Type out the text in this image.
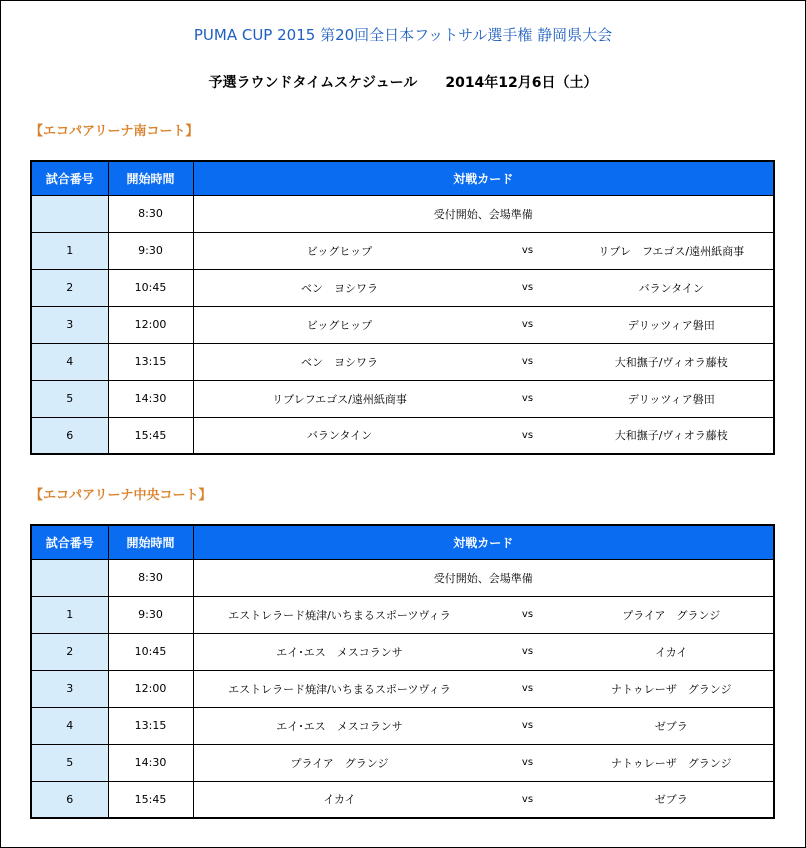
PUMA CUP 2015 第20回全日本フットサル選手権 静岡県大会
予選ラウンドタイムスケジュール　　2014年12月6日（土）
【エコパアリーナ南コート】
試合番号	開始時間	対戦カード
	8:30	受付開始、会場準備
1	9:30	ビッグヒップ vs リブレ　フエゴス/遠州紙商事

2	10:45	ベン　ヨシワラ vs バランタイン

3	12:00	ビッグヒップ vs デリッツィア磐田

4	13:15	ベン　ヨシワラ vs 大和撫子/ヴィオラ藤枝

5	14:30	リブレフエゴス/遠州紙商事 vs デリッツィア磐田

6	15:45	バランタイン vs 大和撫子/ヴィオラ藤枝
【エコパアリーナ中央コート】
試合番号	開始時間	対戦カード
	8:30	受付開始、会場準備
1	9:30	エストレラード焼津/いちまるスポーツヴィラ vs プライア　グランジ

2	10:45	エイ･エス　メスコランサ vs イカイ

3	12:00	エストレラード焼津/いちまるスポーツヴィラ vs ナトゥレーザ　グランジ

4	13:15	エイ･エス　メスコランサ vs ゼブラ

5	14:30	プライア　グランジ vs ナトゥレーザ　グランジ

6	15:45	イカイ vs ゼブラ
